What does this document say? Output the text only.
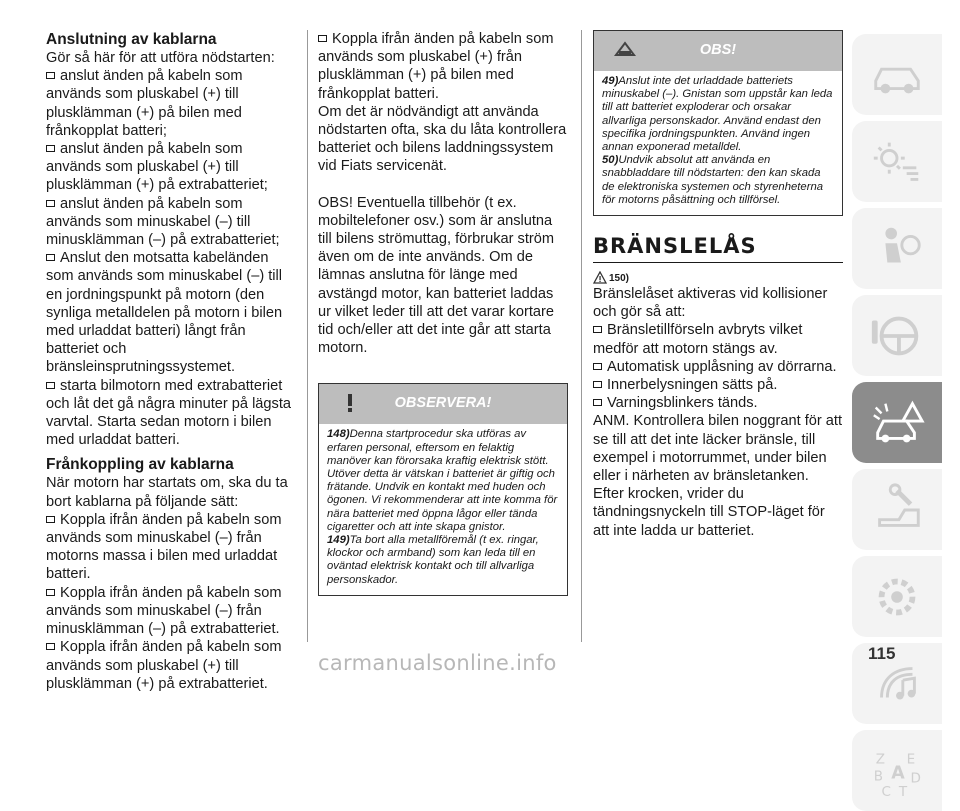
Anslutning av kablarna

Gör så här för att utföra nödstarten:

anslut änden på kabeln som används som pluskabel (+) till plusklämman (+) på bilen med frånkopplat batteri;

anslut änden på kabeln som används som pluskabel (+) till plusklämman (+) på extrabatteriet;

anslut änden på kabeln som används som minuskabel (–) till minusklämman (–) på extrabatteriet;

Anslut den motsatta kabeländen som används som minuskabel (–) till en jordningspunkt på motorn (den synliga metalldelen på motorn i bilen med urladdat batteri) långt från batteriet och bränsleinsprutningssystemet.

starta bilmotorn med extrabatteriet och låt det gå några minuter på lägsta varvtal. Starta sedan motorn i bilen med urladdat batteri.

Frånkoppling av kablarna

När motorn har startats om, ska du ta bort kablarna på följande sätt:

Koppla ifrån änden på kabeln som används som minuskabel (–) från motorns massa i bilen med urladdat batteri.

Koppla ifrån änden på kabeln som används som minuskabel (–) från minusklämman (–) på extrabatteriet.

Koppla ifrån änden på kabeln som används som pluskabel (+) till plusklämman (+) på extrabatteriet.

Koppla ifrån änden på kabeln som används som pluskabel (+) från plusklämman (+) på bilen med frånkopplat batteri.

Om det är nödvändigt att använda nödstarten ofta, ska du låta kontrollera batteriet och bilens laddningssystem vid Fiats servicenät.

OBS! Eventuella tillbehör (t ex. mobiltelefoner osv.) som är anslutna till bilens strömuttag, förbrukar ström även om de inte används. Om de lämnas anslutna för länge med avstängd motor, kan batteriet laddas ur vilket leder till att det varar kortare tid och/eller att det inte går att starta motorn.

OBSERVERA!

148)Denna startprocedur ska utföras av erfaren personal, eftersom en felaktig manöver kan förorsaka kraftig elektrisk stött. Utöver detta är vätskan i batteriet är giftig och frätande. Undvik en kontakt med huden och ögonen. Vi rekommenderar att inte komma för nära batteriet med öppna lågor eller tända cigaretter och att inte skapa gnistor.

149)Ta bort alla metallföremål (t ex. ringar, klockor och armband) som kan leda till en oväntad elektrisk kontakt och till allvarliga personskador.

OBS!

49)Anslut inte det urladdade batteriets minuskabel (–). Gnistan som uppstår kan leda till att batteriet exploderar och orsakar allvarliga personskador. Använd endast den specifika jordningspunkten. Använd ingen annan exponerad metalldel.

50)Undvik absolut att använda en snabbladdare till nödstarten: den kan skada de elektroniska systemen och styrenheterna för motorns påsättning och tillförsel.

BRÄNSLELÅS
150)

Bränslelåset aktiveras vid kollisioner och gör så att:

Bränsletillförseln avbryts vilket medför att motorn stängs av.

Automatisk upplåsning av dörrarna.

Innerbelysningen sätts på.

Varningsblinkers tänds.

ANM. Kontrollera bilen noggrant för att se till att det inte läcker bränsle, till exempel i motorrummet, under bilen eller i närheten av bränsletanken. Efter krocken, vrider du tändningsnyckeln till STOP-läget för att inte ladda ur batteriet.

Z E
B A D
C T
115
carmanualsonline.info
